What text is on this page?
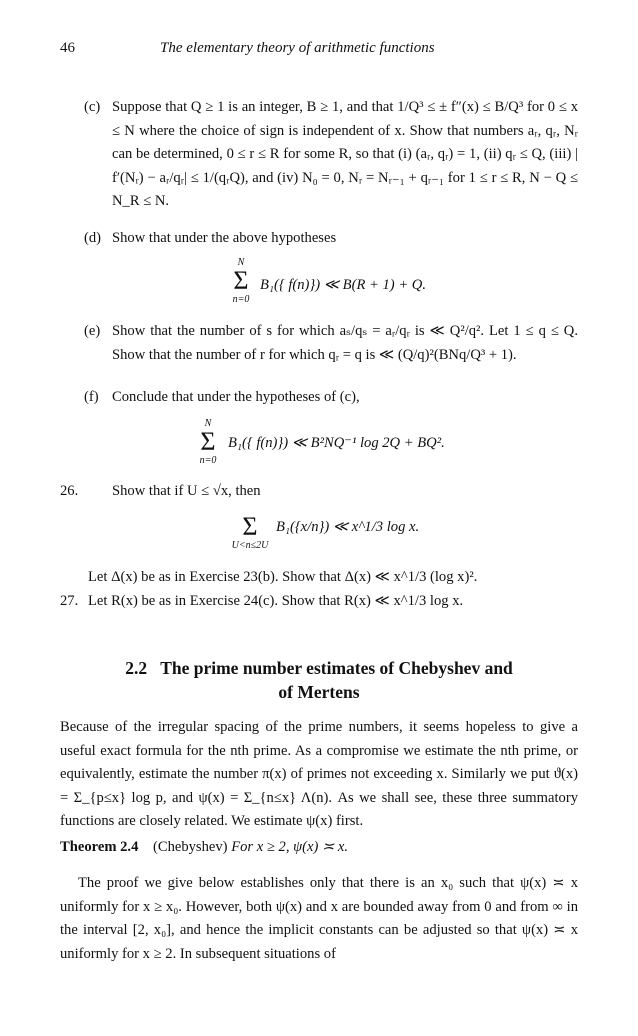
46	The elementary theory of arithmetic functions
(c) Suppose that Q ≥ 1 is an integer, B ≥ 1, and that 1/Q³ ≤ ± f″(x) ≤ B/Q³ for 0 ≤ x ≤ N where the choice of sign is independent of x. Show that numbers aᵣ, qᵣ, Nᵣ can be determined, 0 ≤ r ≤ R for some R, so that (i) (aᵣ, qᵣ) = 1, (ii) qᵣ ≤ Q, (iii) | f′(Nᵣ) − aᵣ/qᵣ| ≤ 1/(qᵣQ), and (iv) N₀ = 0, Nᵣ = Nᵣ₋₁ + qᵣ₋₁ for 1 ≤ r ≤ R, N − Q ≤ N_R ≤ N.
(d) Show that under the above hypotheses
N
Σ
n=0
B₁({ f(n)}) ≪ B(R + 1) + Q.
(e) Show that the number of s for which aₛ/qₛ = aᵣ/qᵣ is ≪ Q²/q². Let 1 ≤ q ≤ Q. Show that the number of r for which qᵣ = q is ≪ (Q/q)²(BNq/Q³ + 1).
(f) Conclude that under the hypotheses of (c),
N
Σ
n=0
B₁({ f(n)}) ≪ B²NQ⁻¹ log 2Q + BQ².
26. Show that if U ≤ √x, then
Σ
U<n≤2U
B₁({x/n}) ≪ x^1/3 log x.
Let Δ(x) be as in Exercise 23(b). Show that Δ(x) ≪ x^1/3 (log x)².
27. Let R(x) be as in Exercise 24(c). Show that R(x) ≪ x^1/3 log x.
2.2 The prime number estimates of Chebyshev and
of Mertens
Because of the irregular spacing of the prime numbers, it seems hopeless to give a useful exact formula for the nth prime. As a compromise we estimate the nth prime, or equivalently, estimate the number π(x) of primes not exceeding x. Similarly we put ϑ(x) = Σ_{p≤x} log p, and ψ(x) = Σ_{n≤x} Λ(n). As we shall see, these three summatory functions are closely related. We estimate ψ(x) first.
Theorem 2.4 (Chebyshev) For x ≥ 2, ψ(x) ≍ x.
The proof we give below establishes only that there is an x₀ such that ψ(x) ≍ x uniformly for x ≥ x₀. However, both ψ(x) and x are bounded away from 0 and from ∞ in the interval [2, x₀], and hence the implicit constants can be adjusted so that ψ(x) ≍ x uniformly for x ≥ 2. In subsequent situations of
